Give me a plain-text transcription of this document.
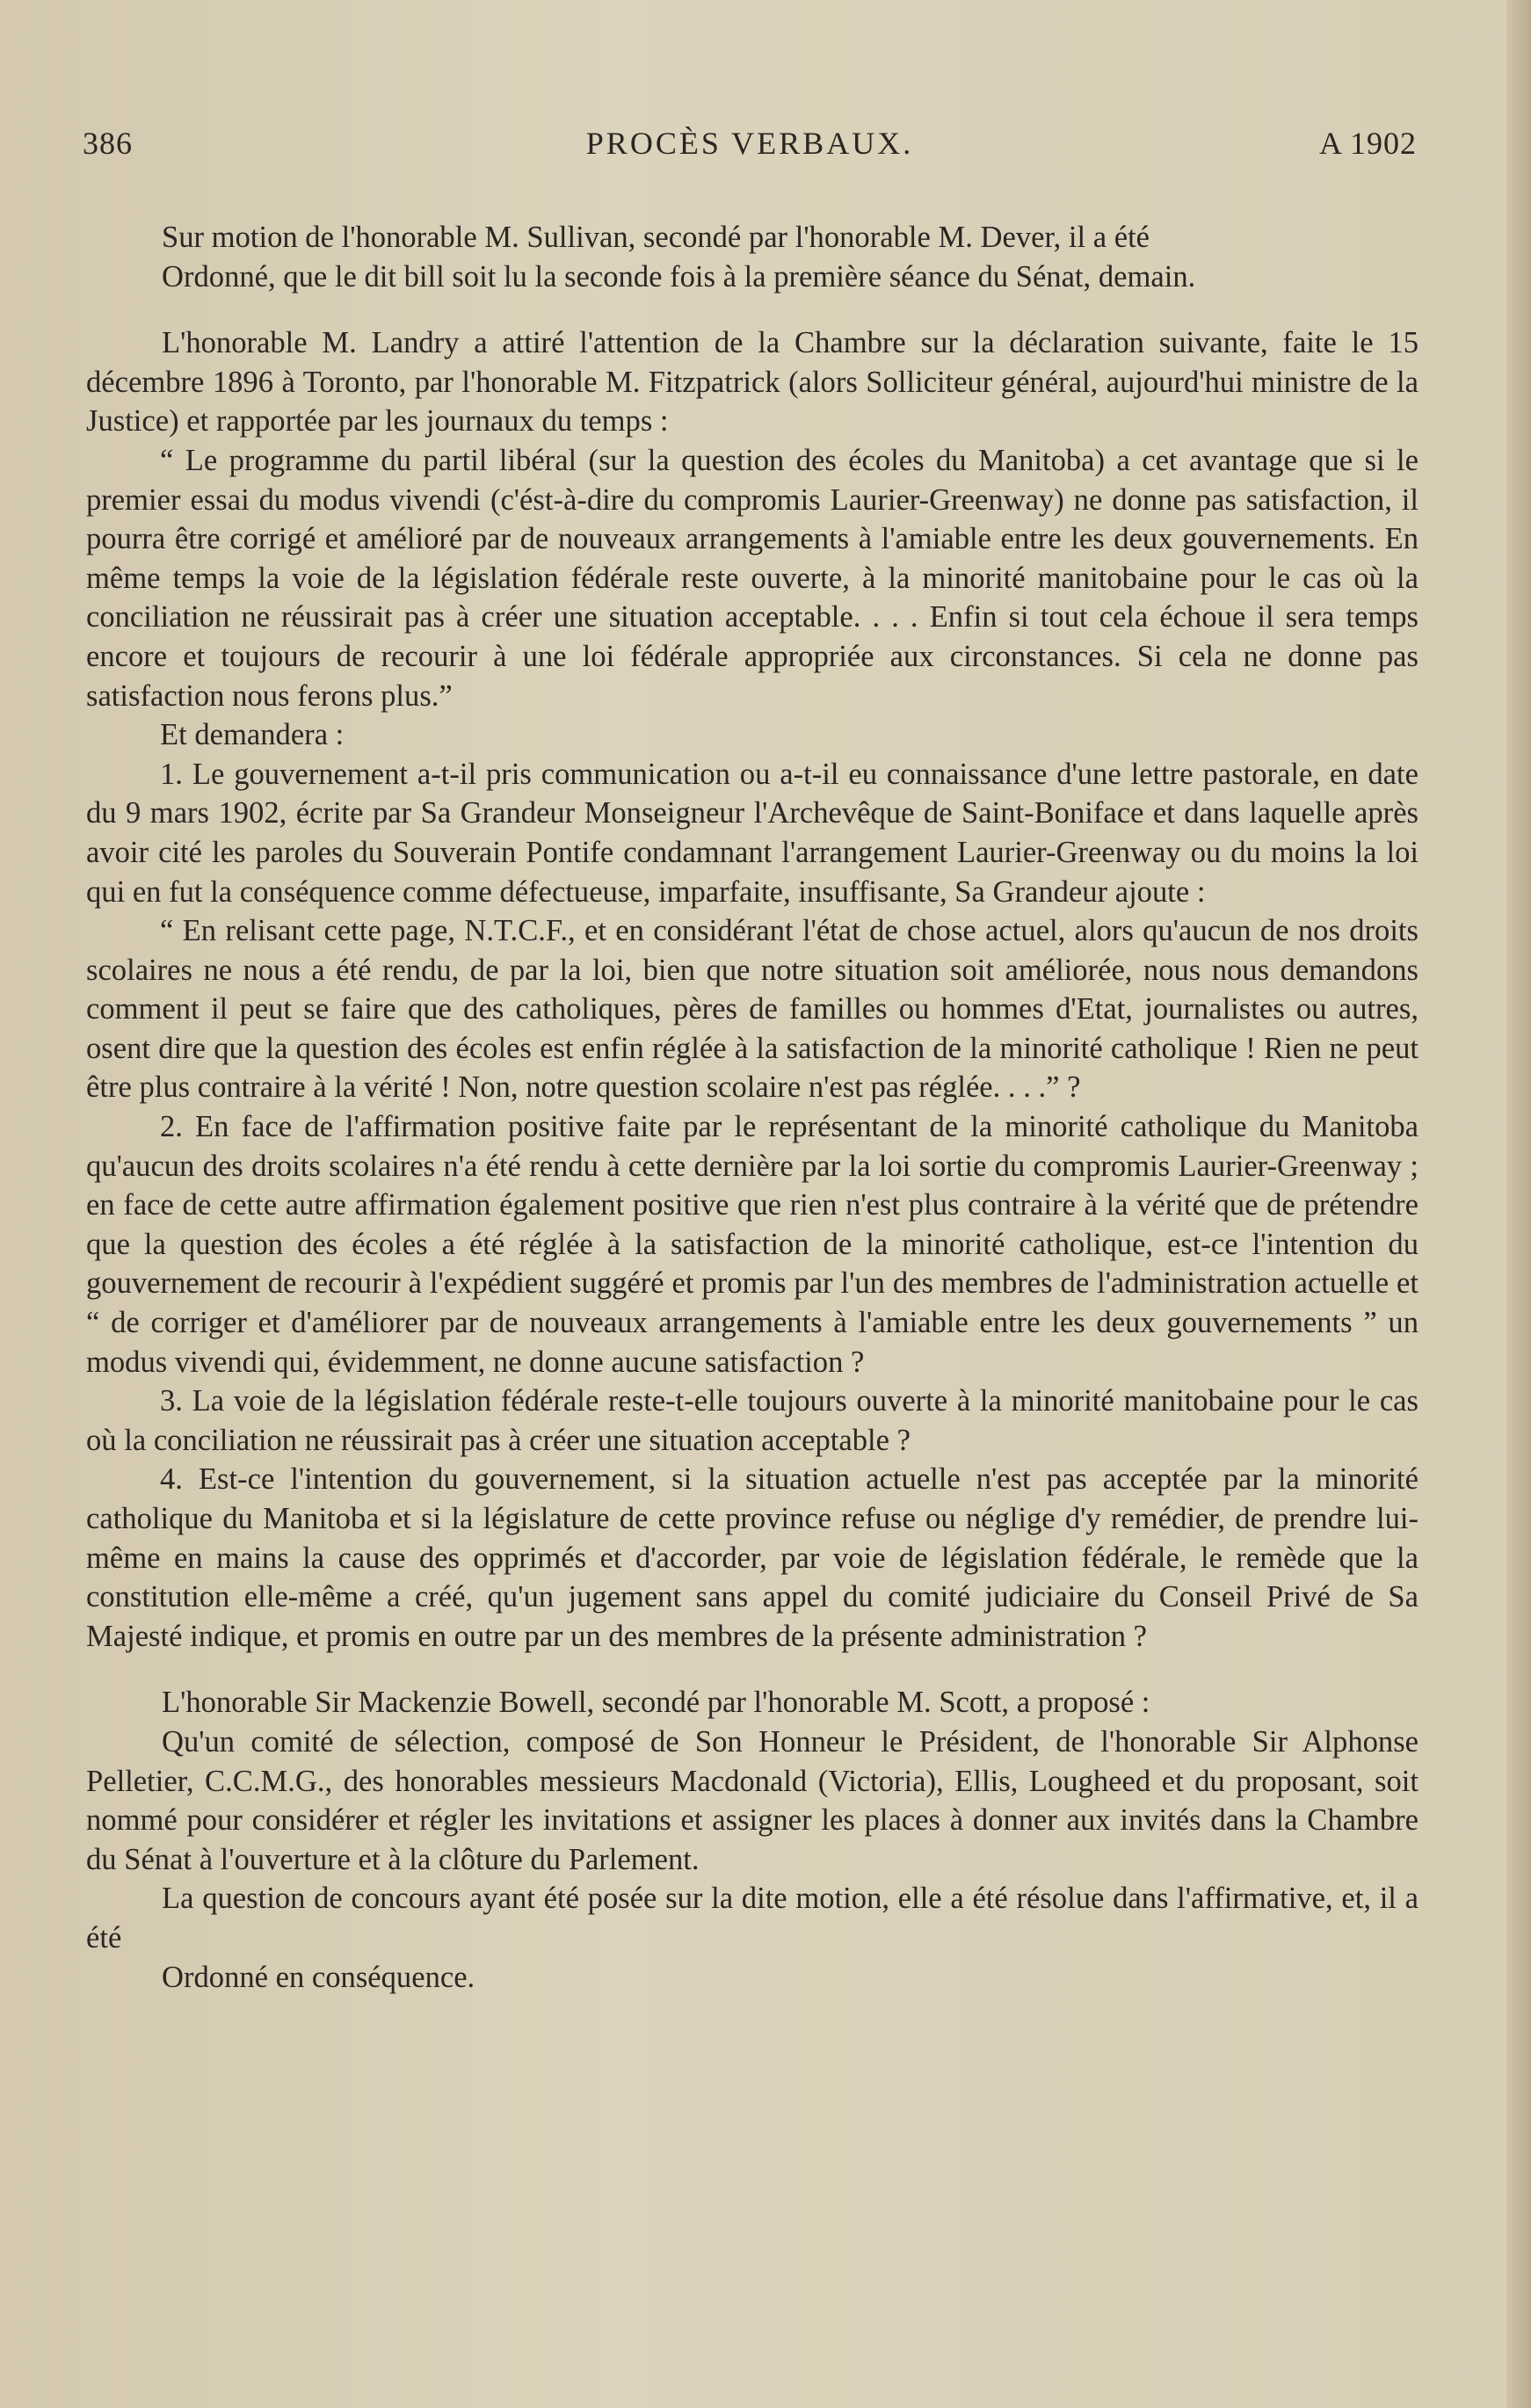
PROCÈS VERBAUX.
386	A 1902

Sur motion de l'honorable M. Sullivan, secondé par l'honorable M. Dever, il a été

Ordonné, que le dit bill soit lu la seconde fois à la première séance du Sénat, demain.

L'honorable M. Landry a attiré l'attention de la Chambre sur la déclaration suivante, faite le 15 décembre 1896 à Toronto, par l'honorable M. Fitzpatrick (alors Solliciteur général, aujourd'hui ministre de la Justice) et rapportée par les journaux du temps :

“ Le programme du partil libéral (sur la question des écoles du Manitoba) a cet avantage que si le premier essai du modus vivendi (c'ést-à-dire du compromis Laurier-Greenway) ne donne pas satisfaction, il pourra être corrigé et amélioré par de nouveaux arrangements à l'amiable entre les deux gouvernements. En même temps la voie de la législation fédérale reste ouverte, à la minorité manitobaine pour le cas où la conciliation ne réussirait pas à créer une situation acceptable. . . . Enfin si tout cela échoue il sera temps encore et toujours de recourir à une loi fédérale appropriée aux circonstances. Si cela ne donne pas satisfaction nous ferons plus.”

Et demandera :

1. Le gouvernement a-t-il pris communication ou a-t-il eu connaissance d'une lettre pastorale, en date du 9 mars 1902, écrite par Sa Grandeur Monseigneur l'Archevêque de Saint-Boniface et dans laquelle après avoir cité les paroles du Souverain Pontife condamnant l'arrangement Laurier-Greenway ou du moins la loi qui en fut la conséquence comme défectueuse, imparfaite, insuffisante, Sa Grandeur ajoute :

“ En relisant cette page, N.T.C.F., et en considérant l'état de chose actuel, alors qu'aucun de nos droits scolaires ne nous a été rendu, de par la loi, bien que notre situation soit améliorée, nous nous demandons comment il peut se faire que des catholiques, pères de familles ou hommes d'Etat, journalistes ou autres, osent dire que la question des écoles est enfin réglée à la satisfaction de la minorité catholique ! Rien ne peut être plus contraire à la vérité ! Non, notre question scolaire n'est pas réglée. . . .” ?

2. En face de l'affirmation positive faite par le représentant de la minorité catholique du Manitoba qu'aucun des droits scolaires n'a été rendu à cette dernière par la loi sortie du compromis Laurier-Greenway ; en face de cette autre affirmation également positive que rien n'est plus contraire à la vérité que de prétendre que la question des écoles a été réglée à la satisfaction de la minorité catholique, est-ce l'intention du gouvernement de recourir à l'expédient suggéré et promis par l'un des membres de l'administration actuelle et “ de corriger et d'améliorer par de nouveaux arrangements à l'amiable entre les deux gouvernements ” un modus vivendi qui, évidemment, ne donne aucune satisfaction ?

3. La voie de la législation fédérale reste-t-elle toujours ouverte à la minorité manitobaine pour le cas où la conciliation ne réussirait pas à créer une situation acceptable ?

4. Est-ce l'intention du gouvernement, si la situation actuelle n'est pas acceptée par la minorité catholique du Manitoba et si la législature de cette province refuse ou néglige d'y remédier, de prendre lui-même en mains la cause des opprimés et d'accorder, par voie de législation fédérale, le remède que la constitution elle-même a créé, qu'un jugement sans appel du comité judiciaire du Conseil Privé de Sa Majesté indique, et promis en outre par un des membres de la présente administration ?

L'honorable Sir Mackenzie Bowell, secondé par l'honorable M. Scott, a proposé :

Qu'un comité de sélection, composé de Son Honneur le Président, de l'honorable Sir Alphonse Pelletier, C.C.M.G., des honorables messieurs Macdonald (Victoria), Ellis, Lougheed et du proposant, soit nommé pour considérer et régler les invitations et assigner les places à donner aux invités dans la Chambre du Sénat à l'ouverture et à la clôture du Parlement.

La question de concours ayant été posée sur la dite motion, elle a été résolue dans l'affirmative, et, il a été

Ordonné en conséquence.
